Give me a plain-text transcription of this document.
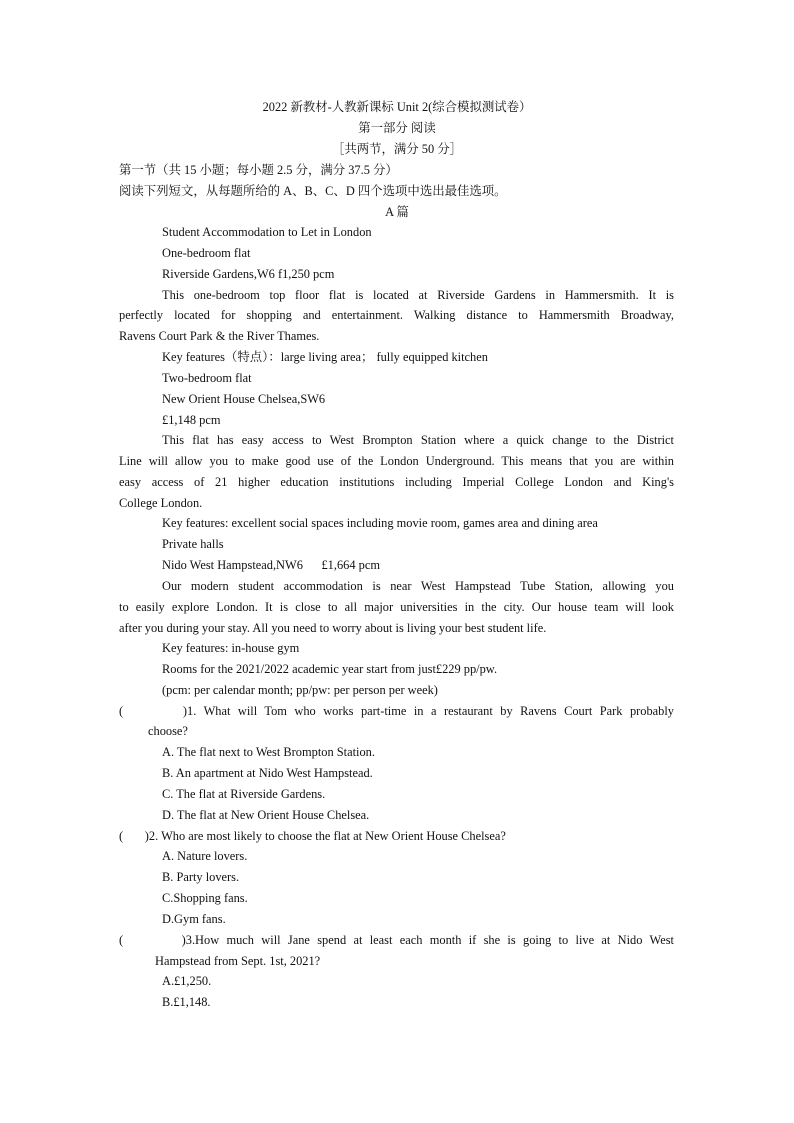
2022 新教材-人教新课标 Unit 2(综合模拟测试卷）
第一部分 阅读
［共两节，满分 50 分］
第一节（共 15 小题；每小题 2.5 分，满分 37.5 分）
阅读下列短文，从每题所给的 A、B、C、D 四个选项中选出最佳选项。
A 篇
Student Accommodation to Let in London
One-bedroom flat
Riverside Gardens,W6 f1,250 pcm
This one-bedroom top floor flat is located at Riverside Gardens in Hammersmith. It is
perfectly located for shopping and entertainment. Walking distance to Hammersmith Broadway,
Ravens Court Park & the River Thames.
Key features（特点）：large living area； fully equipped kitchen
Two-bedroom flat
New Orient House Chelsea,SW6
£1,148 pcm
This flat has easy access to West Brompton Station where a quick change to the District
Line will allow you to make good use of the London Underground. This means that you are within
easy access of 21 higher education institutions including Imperial College London and King's
College London.
Key features: excellent social spaces including movie room, games area and dining area
Private halls
Nido West Hampstead,NW6      £1,664 pcm
Our modern student accommodation is near West Hampstead Tube Station, allowing you
to easily explore London. It is close to all major universities in the city. Our house team will look
after you during your stay. All you need to worry about is living your best student life.
Key features: in-house gym
Rooms for the 2021/2022 academic year start from just£229 pp/pw.
(pcm: per calendar month; pp/pw: per person per week)
(        )1. What will Tom who works part-time in a restaurant by Ravens Court Park probably
choose?
A. The flat next to West Brompton Station.
B. An apartment at Nido West Hampstead.
C. The flat at Riverside Gardens.
D. The flat at New Orient House Chelsea.
(       )2. Who are most likely to choose the flat at New Orient House Chelsea?
A. Nature lovers.
B. Party lovers.
C.Shopping fans.
D.Gym fans.
(        )3.How much will Jane spend at least each month if she is going to live at Nido West
Hampstead from Sept. 1st, 2021?
A.£1,250.
B.£1,148.
